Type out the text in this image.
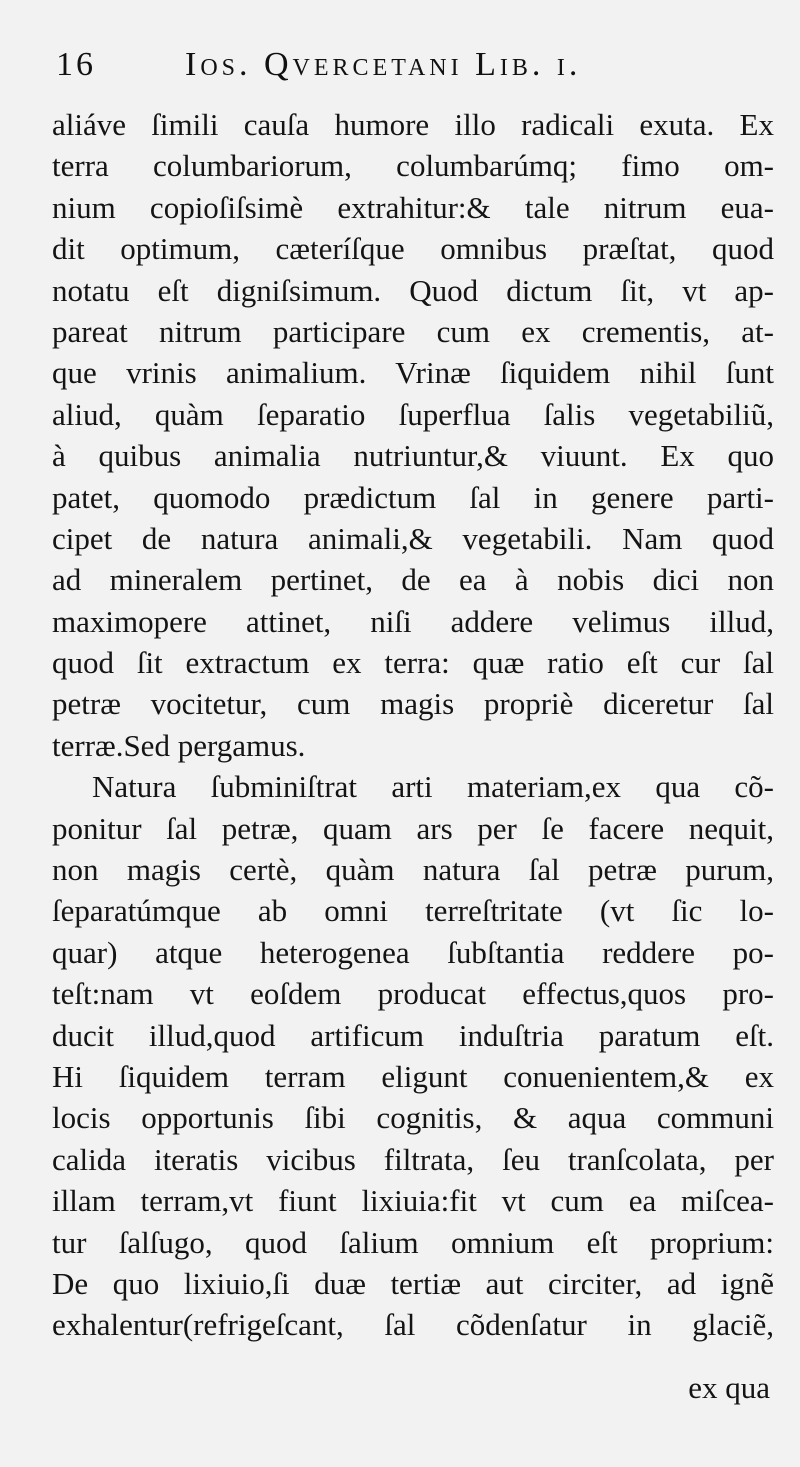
16	Ios. Qvercetani Lib. i.
aliáve ſimili cauſa humore illo radicali exuta. Ex
terra columbariorum, columbarúmq; fimo om-
nium copioſiſsimè extrahitur:& tale nitrum eua-
dit optimum, cæteríſque omnibus præſtat, quod
notatu eſt digniſsimum. Quod dictum ſit, vt ap-
pareat nitrum participare cum ex crementis, at-
que vrinis animalium. Vrinæ ſiquidem nihil ſunt
aliud, quàm ſeparatio ſuperflua ſalis vegetabiliũ,
à quibus animalia nutriuntur,& viuunt. Ex quo
patet, quomodo prædictum ſal in genere parti-
cipet de natura animali,& vegetabili. Nam quod
ad mineralem pertinet, de ea à nobis dici non
maximopere attinet, niſi addere velimus illud,
quod ſit extractum ex terra: quæ ratio eſt cur ſal
petræ vocitetur, cum magis propriè diceretur ſal
terræ.Sed pergamus.
Natura ſubminiſtrat arti materiam,ex qua cõ-
ponitur ſal petræ, quam ars per ſe facere nequit,
non magis certè, quàm natura ſal petræ purum,
ſeparatúmque ab omni terreſtritate (vt ſic lo-
quar) atque heterogenea ſubſtantia reddere po-
teſt:nam vt eoſdem producat effectus,quos pro-
ducit illud,quod artificum induſtria paratum eſt.
Hi ſiquidem terram eligunt conuenientem,& ex
locis opportunis ſibi cognitis, & aqua communi
calida iteratis vicibus filtrata, ſeu tranſcolata, per
illam terram,vt fiunt lixiuia:fit vt cum ea miſcea-
tur ſalſugo, quod ſalium omnium eſt proprium:
De quo lixiuio,ſi duæ tertiæ aut circiter, ad ignẽ
exhalentur(refrigeſcant, ſal cõdenſatur in glaciẽ,
ex qua
